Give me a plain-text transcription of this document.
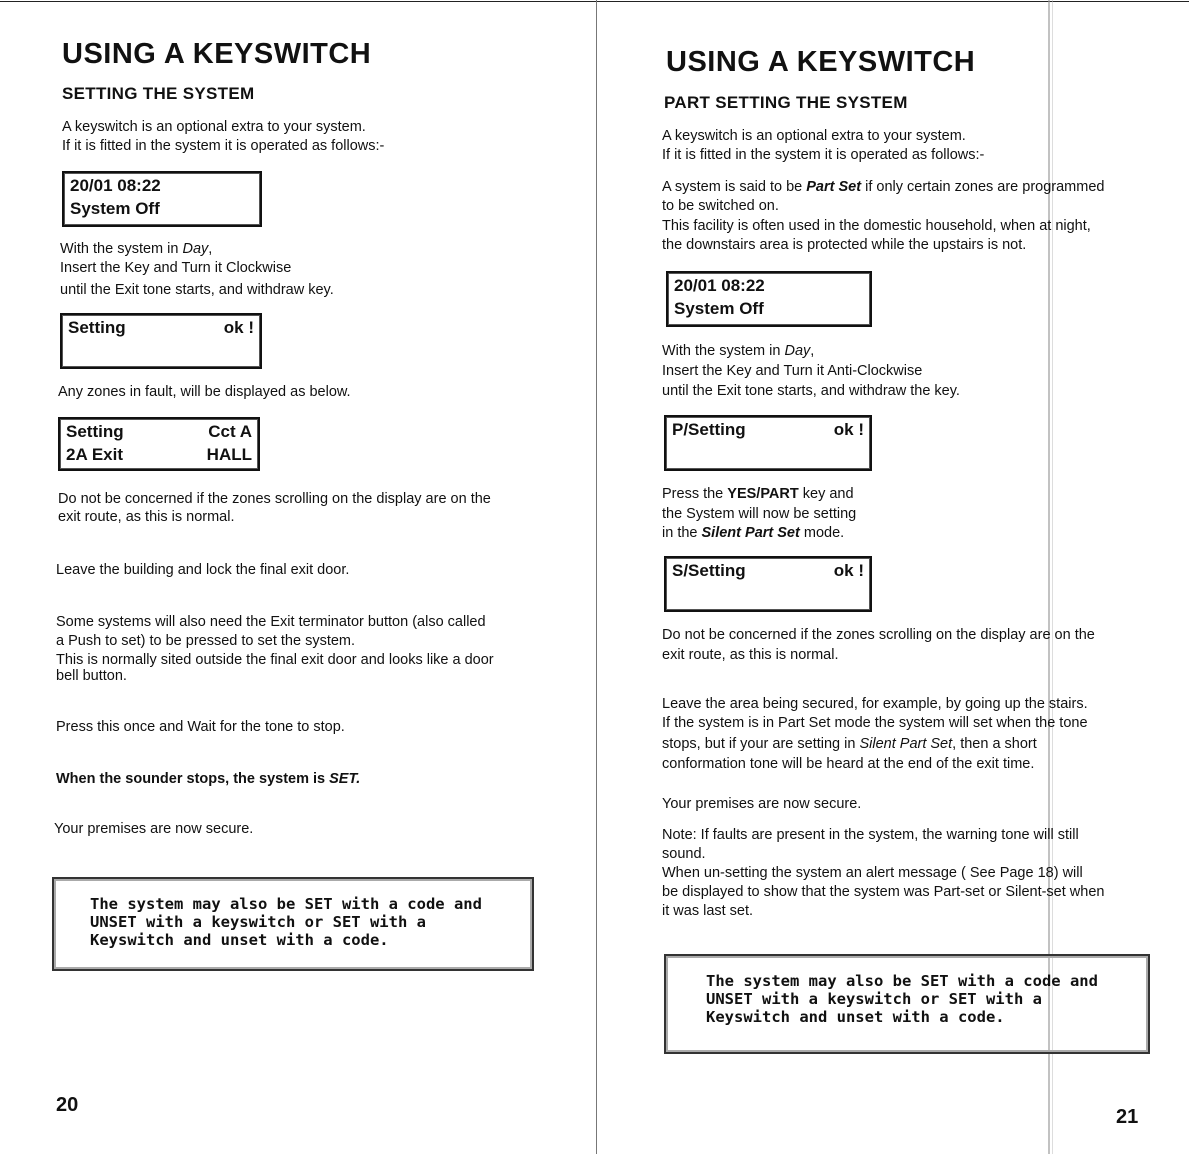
USING A KEYSWITCH
SETTING THE SYSTEM
A keyswitch is an optional extra to your system.
If it is fitted in the system it is operated as follows:-
20/01 08:22
System Off
With the system in Day,
Insert the Key and Turn it Clockwise
until the Exit tone starts, and withdraw key.
Setting	ok !
Any zones in fault, will be displayed as below.
Setting	Cct A
2A Exit	HALL
Do not be concerned if the zones scrolling on the display are on the
exit route, as this is normal.
Leave the building and lock the final exit door.
Some systems will also need the Exit terminator button (also called
a Push to set) to be pressed to set the system.
This is normally sited outside the final exit door and looks like a door
bell button.
Press this once and Wait for the tone to stop.
When the sounder stops, the system is SET.
Your premises are now secure.
The system may also be SET with a code and
UNSET with a keyswitch or SET with a
Keyswitch and unset with a code.
20
USING A KEYSWITCH
PART SETTING THE SYSTEM
A keyswitch is an optional extra to your system.
If it is fitted in the system it is operated as follows:-
A system is said to be Part Set if only certain zones are programmed
to be switched on.
This facility is often used in the domestic household, when at night,
the downstairs area is protected while the upstairs is not.
20/01 08:22
System Off
With the system in Day,
Insert the Key and Turn it Anti-Clockwise
until the Exit tone starts, and withdraw the key.
P/Setting	ok !
Press the YES/PART key and
the System will now be setting
in the Silent Part Set mode.
S/Setting	ok !
Do not be concerned if the zones scrolling on the display are on the
exit route, as this is normal.
Leave the area being secured, for example, by going up the stairs.
If the system is in Part Set mode the system will set when the tone
stops, but if your are setting in Silent Part Set, then a short
conformation tone will be heard at the end of the exit time.
Your premises are now secure.
Note: If faults are present in the system, the warning tone will still
sound.
When un-setting the system an alert message ( See Page 18) will
be displayed to show that the system was Part-set or Silent-set when
it was last set.
The system may also be SET with a code and
UNSET with a keyswitch or SET with a
Keyswitch and unset with a code.
21
